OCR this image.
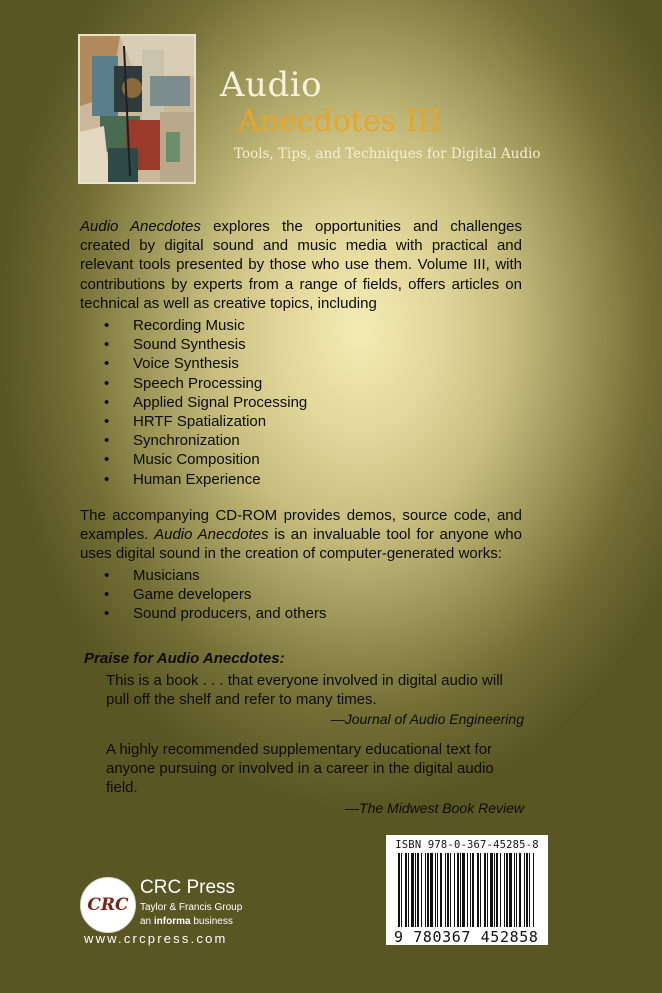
Audio
Anecdotes III
Tools, Tips, and Techniques for Digital Audio
Audio Anecdotes explores the opportunities and challenges created by digital sound and music media with practical and relevant tools presented by those who use them. Volume III, with contributions by experts from a range of fields, offers articles on technical as well as creative topics, including
• Recording Music
• Sound Synthesis
• Voice Synthesis
• Speech Processing
• Applied Signal Processing
• HRTF Spatialization
• Synchronization
• Music Composition
• Human Experience
The accompanying CD-ROM provides demos, source code, and examples. Audio Anecdotes is an invaluable tool for anyone who uses digital sound in the creation of computer-generated works:
• Musicians
• Game developers
• Sound producers, and others
Praise for Audio Anecdotes:
This is a book . . . that everyone involved in digital audio will pull off the shelf and refer to many times.
—Journal of Audio Engineering
A highly recommended supplementary educational text for anyone pursuing or involved in a career in the digital audio field.
—The Midwest Book Review
ISBN 978-0-367-45285-8
9 780367 452858
CRC
CRC Press
Taylor & Francis Group
an informa business
www.crcpress.com
